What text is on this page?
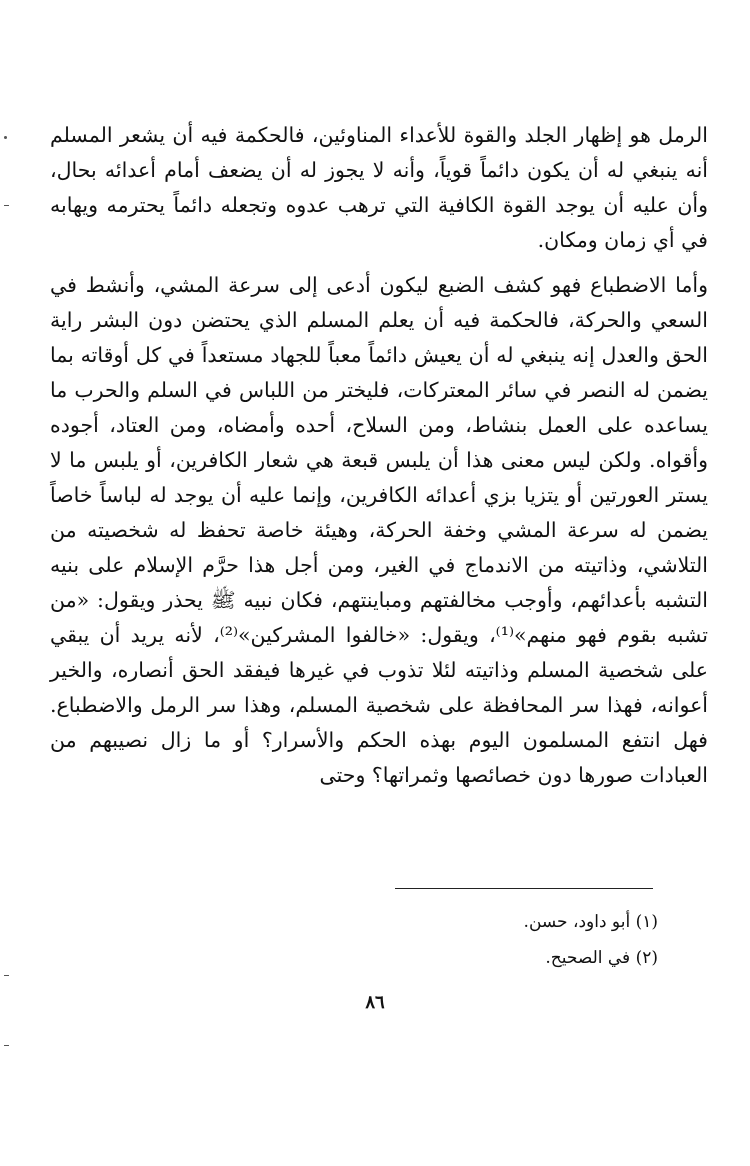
الرمل هو إظهار الجلد والقوة للأعداء المناوئين، فالحكمة فيه أن يشعر المسلم أنه ينبغي له أن يكون دائماً قوياً، وأنه لا يجوز له أن يضعف أمام أعدائه بحال، وأن عليه أن يوجد القوة الكافية التي ترهب عدوه وتجعله دائماً يحترمه ويهابه في أي زمان ومكان.

وأما الاضطباع فهو كشف الضبع ليكون أدعى إلى سرعة المشي، وأنشط في السعي والحركة، فالحكمة فيه أن يعلم المسلم الذي يحتضن دون البشر راية الحق والعدل إنه ينبغي له أن يعيش دائماً معباً للجهاد مستعداً في كل أوقاته بما يضمن له النصر في سائر المعتركات، فليختر من اللباس في السلم والحرب ما يساعده على العمل بنشاط، ومن السلاح، أحده وأمضاه، ومن العتاد، أجوده وأقواه. ولكن ليس معنى هذا أن يلبس قبعة هي شعار الكافرين، أو يلبس ما لا يستر العورتين أو يتزيا بزي أعدائه الكافرين، وإنما عليه أن يوجد له لباساً خاصاً يضمن له سرعة المشي وخفة الحركة، وهيئة خاصة تحفظ له شخصيته من التلاشي، وذاتيته من الاندماج في الغير، ومن أجل هذا حرَّم الإسلام على بنيه التشبه بأعدائهم، وأوجب مخالفتهم ومباينتهم، فكان نبيه ﷺ يحذر ويقول: «من تشبه بقوم فهو منهم»⁽¹⁾، ويقول: «خالفوا المشركين»⁽²⁾، لأنه يريد أن يبقي على شخصية المسلم وذاتيته لئلا تذوب في غيرها فيفقد الحق أنصاره، والخير أعوانه، فهذا سر المحافظة على شخصية المسلم، وهذا سر الرمل والاضطباع. فهل انتفع المسلمون اليوم بهذه الحكم والأسرار؟ أو ما زال نصيبهم من العبادات صورها دون خصائصها وثمراتها؟ وحتى

(١) أبو داود، حسن.
(٢) في الصحيح.
٨٦
